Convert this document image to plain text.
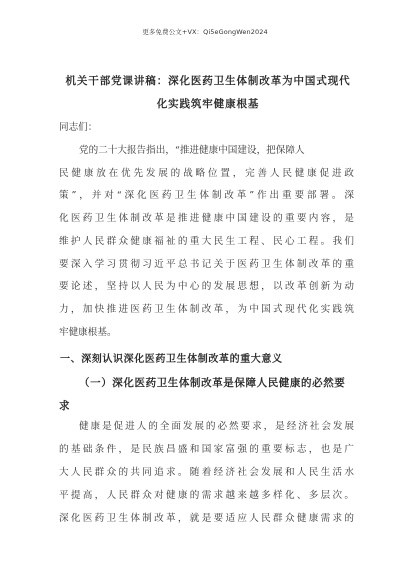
更多免费公文+VX：Qi5eGongWen2024
机关干部党课讲稿：深化医药卫生体制改革为中国式现代
化实践筑牢健康根基
同志们：
党的二十大报告指出，“推进健康中国建设，把保障人
民健康放在优先发展的战略位置，完善人民健康促进政
策”，并对“深化医药卫生体制改革”作出重要部署。深
化医药卫生体制改革是推进健康中国建设的重要内容，是
维护人民群众健康福祉的重大民生工程、民心工程。我们
要深入学习贯彻习近平总书记关于医药卫生体制改革的重
要论述，坚持以人民为中心的发展思想，以改革创新为动
力，加快推进医药卫生体制改革，为中国式现代化实践筑
牢健康根基。
一、深刻认识深化医药卫生体制改革的重大意义
（一）深化医药卫生体制改革是保障人民健康的必然要
求
健康是促进人的全面发展的必然要求，是经济社会发展
的基础条件，是民族昌盛和国家富强的重要标志，也是广
大人民群众的共同追求。随着经济社会发展和人民生活水
平提高，人民群众对健康的需求越来越多样化、多层次。
深化医药卫生体制改革，就是要适应人民群众健康需求的
